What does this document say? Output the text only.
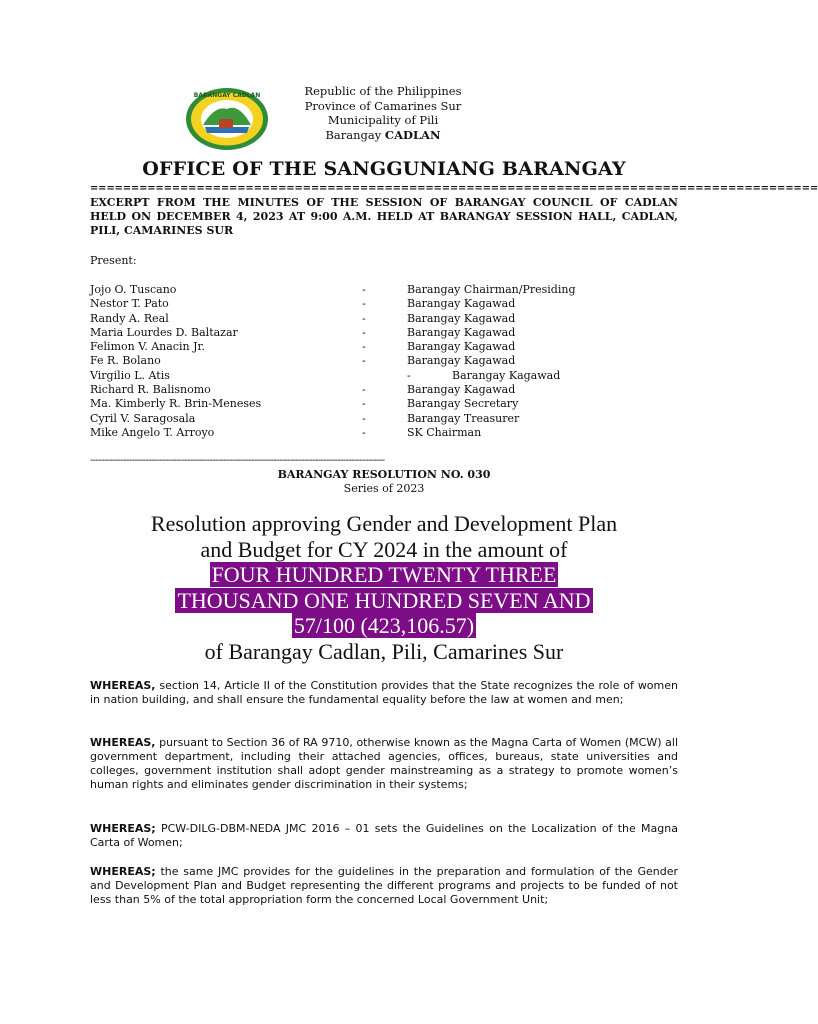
BARANGAY CADLAN	Republic of the Philippines
Province of Camarines Sur
Municipality of Pili
Barangay CADLAN
OFFICE OF THE SANGGUNIANG BARANGAY
=========================================================================================
EXCERPT FROM THE MINUTES OF THE SESSION OF BARANGAY COUNCIL OF CADLAN HELD ON DECEMBER 4, 2023 AT 9:00 A.M. HELD AT BARANGAY SESSION HALL, CADLAN, PILI, CAMARINES SUR
Present:
Jojo O. Tuscano	-	Barangay Chairman/Presiding
Nestor T. Pato	-	Barangay Kagawad
Randy A. Real	-	Barangay Kagawad
Maria Lourdes D. Baltazar	-	Barangay Kagawad
Felimon V. Anacin Jr.	-	Barangay Kagawad
Fe R. Bolano	-	Barangay Kagawad
Virgilio L. Atis	-	Barangay Kagawad
Richard R. Balisnomo	-	Barangay Kagawad
Ma. Kimberly R. Brin-Meneses	-	Barangay Secretary
Cyril V. Saragosala	-	Barangay Treasurer
Mike Angelo T. Arroyo	-	SK Chairman
----------------------------------------------------------------------------------------------------------
BARANGAY RESOLUTION NO. 030
Series of 2023
Resolution approving Gender and Development Plan
and Budget for CY 2024 in the amount of
FOUR HUNDRED TWENTY THREE
THOUSAND ONE HUNDRED SEVEN AND
57/100 (423,106.57)
of Barangay Cadlan, Pili, Camarines Sur
WHEREAS, section 14, Article II of the Constitution provides that the State recognizes the role of women in nation building, and shall ensure the fundamental equality before the law at women and men;
WHEREAS, pursuant to Section 36 of RA 9710, otherwise known as the Magna Carta of Women (MCW) all government department, including their attached agencies, offices, bureaus, state universities and colleges, government institution shall adopt gender mainstreaming as a strategy to promote women’s human rights and eliminates gender discrimination in their systems;
WHEREAS; PCW-DILG-DBM-NEDA JMC 2016 – 01 sets the Guidelines on the Localization of the Magna Carta of Women;
WHEREAS; the same JMC provides for the guidelines in the preparation and formulation of the Gender and Development Plan and Budget representing the different programs and projects to be funded of not less than 5% of the total appropriation form the concerned Local Government Unit;
